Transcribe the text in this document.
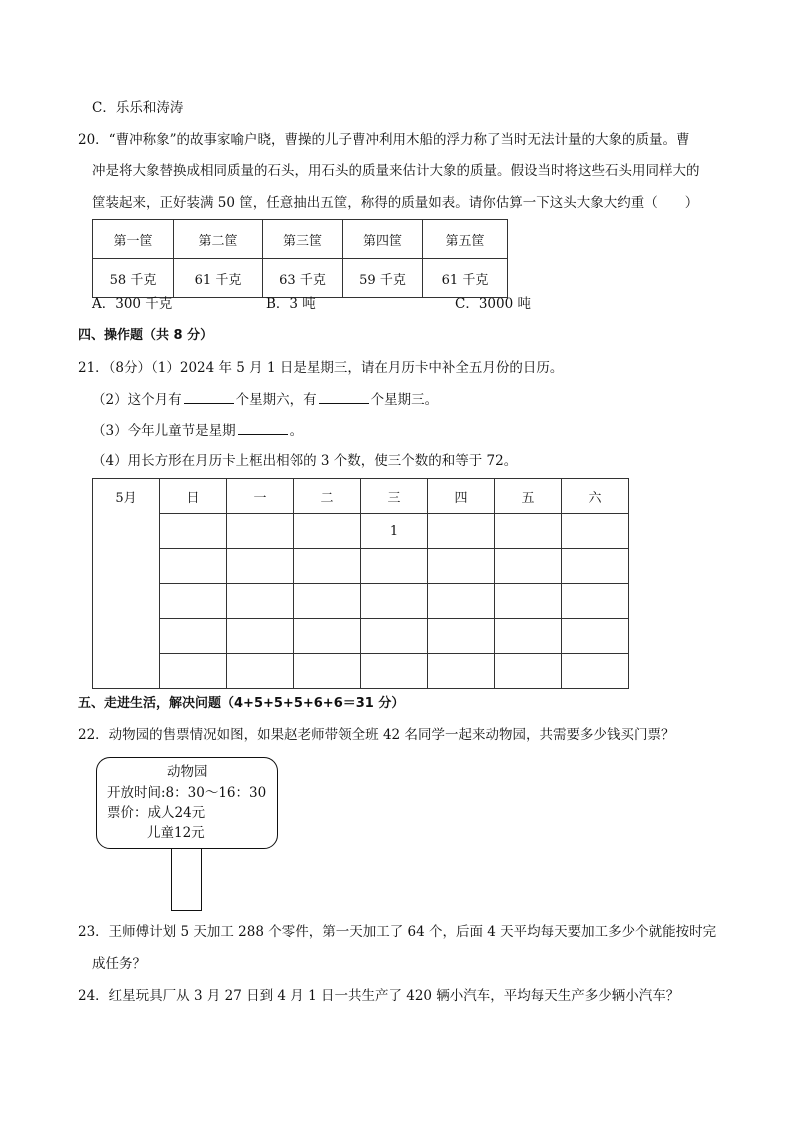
C．乐乐和涛涛
20．“曹冲称象”的故事家喻户晓，曹操的儿子曹冲利用木船的浮力称了当时无法计量的大象的质量。曹
冲是将大象替换成相同质量的石头，用石头的质量来估计大象的质量。假设当时将这些石头用同样大的
筐装起来，正好装满 50 筐，任意抽出五筐，称得的质量如表。请你估算一下这头大象大约重（　　）
第一筐	第二筐	第三筐	第四筐	第五筐
58 千克	61 千克	63 千克	59 千克	61 千克
A．300 千克	B．3 吨	C．3000 吨
四、操作题（共 8 分）
21．（8分）（1）2024 年 5 月 1 日是星期三，请在月历卡中补全五月份的日历。
（2）这个月有	个星期六，有	个星期三。
（3）今年儿童节是星期	。
（4）用长方形在月历卡上框出相邻的 3 个数，使三个数的和等于 72。
5月	日	一	二	三	四	五	六
				1			

五、走进生活，解决问题（4+5+5+5+6+6＝31 分）
22．动物园的售票情况如图，如果赵老师带领全班 42 名同学一起来动物园，共需要多少钱买门票？
动物园
开放时间:8：30～16：30
票价：成人24元
儿童12元
23．王师傅计划 5 天加工 288 个零件，第一天加工了 64 个，后面 4 天平均每天要加工多少个就能按时完
成任务？
24．红星玩具厂从 3 月 27 日到 4 月 1 日一共生产了 420 辆小汽车，平均每天生产多少辆小汽车？
